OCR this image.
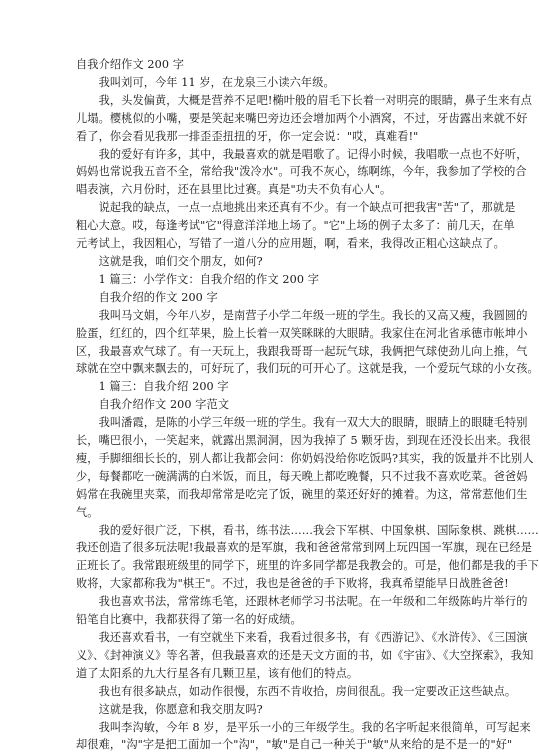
自我介绍作文 200 字
　　我叫刘可，今年 11 岁，在龙泉三小读六年级。
　　我，头发偏黄，大概是营养不足吧!椭叶般的眉毛下长着一对明亮的眼睛，鼻子生来有点
儿塌。樱桃似的小嘴，要是笑起来嘴巴旁边还会增加两个小酒窝，不过，牙齿露出来就不好
看了，你会看见我那一排歪歪扭扭的牙，你一定会说："哎，真难看!"
　　我的爱好有许多，其中，我最喜欢的就是唱歌了。记得小时候，我唱歌一点也不好听，
妈妈也常说我五音不全，常给我"泼冷水"。可我不灰心，练啊练，今年，我参加了学校的合
唱表演，六月份时，还在县里比过赛。真是"功夫不负有心人"。
　　说起我的缺点，一点一点地挑出来还真有不少。有一个缺点可把我害"苦"了，那就是
粗心大意。哎，每逢考试"它"得意洋洋地上场了。"它"上场的例子太多了：前几天，在单
元考试上，我因粗心，写错了一道八分的应用题，啊，看来，我得改正粗心这缺点了。
　　这就是我，咱们交个朋友，如何?
　　1 篇三：小学作文：自我介绍的作文 200 字
　　自我介绍的作文 200 字
　　我叫马文娟，今年八岁，是南营子小学二年级一班的学生。我长的又高又瘦，我圆圆的
脸蛋，红红的，四个红苹果，脸上长着一双笑眯眯的大眼睛。我家住在河北省承德市帐坤小
区，我最喜欢气球了。有一天玩上，我跟我哥哥一起玩气球，我俩把气球使劲儿向上推，气
球就在空中飘来飘去的，可好玩了，我们玩的可开心了。这就是我，一个爱玩气球的小女孩。
　　1 篇三：自我介绍 200 字
　　自我介绍作文 200 字范文
　　我叫潘霞，是陈的小学三年级一班的学生。我有一双大大的眼睛，眼睛上的眼睫毛特别
长，嘴巴很小，一笑起来，就露出黑洞洞，因为我掉了 5 颗牙齿，到现在还没长出来。我很
瘦，手脚细细长长的，别人都让我都会问：你奶妈没给你吃饭吗?其实，我的饭量并不比别人
少，每餐都吃一碗满满的白米饭，而且，每天晚上都吃晚餐，只不过我不喜欢吃菜。爸爸妈
妈常在我碗里夹菜，而我却常常是吃完了饭，碗里的菜还好好的摊着。为这，常常惹他们生
气。
　　我的爱好很广泛，下棋，看书，练书法……我会下军棋、中国象棋、国际象棋、跳棋……
我还创造了很多玩法呢!我最喜欢的是军旗，我和爸爸常常到网上玩四国一军旗，现在已经是
正班长了。我常跟班级里的同学下，班里的许多同学都是我教会的。可是，他们都是我的手下
败将，大家都称我为"棋王"。不过，我也是爸爸的手下败将，我真希望能早日战胜爸爸!
　　我也喜欢书法，常常练毛笔，还跟林老师学习书法呢。在一年级和二年级陈屿片举行的
铅笔自比赛中，我都获得了第一名的好成绩。
　　我还喜欢看书，一有空就坐下来看，我看过很多书，有《西游记》、《水浒传》、《三国演
义》、《封神演义》等名著，但我最喜欢的还是天文方面的书，如《宇宙》、《大空探索》，我知
道了太阳系的九大行星各有几颗卫星，该有他们的特点。
　　我也有很多缺点，如动作很慢，东西不肯收拾，房间很乱。我一定要改正这些缺点。
　　这就是我，你愿意和我交朋友吗?
　　我叫李沟敏，今年 8 岁，是平乐一小的三年级学生。我的名字听起来很简单，可写起来
却很难，"沟"字是把工面加一个"沟"，"敏"是自己一种关于"敏"从来给的是不是一的"好"
